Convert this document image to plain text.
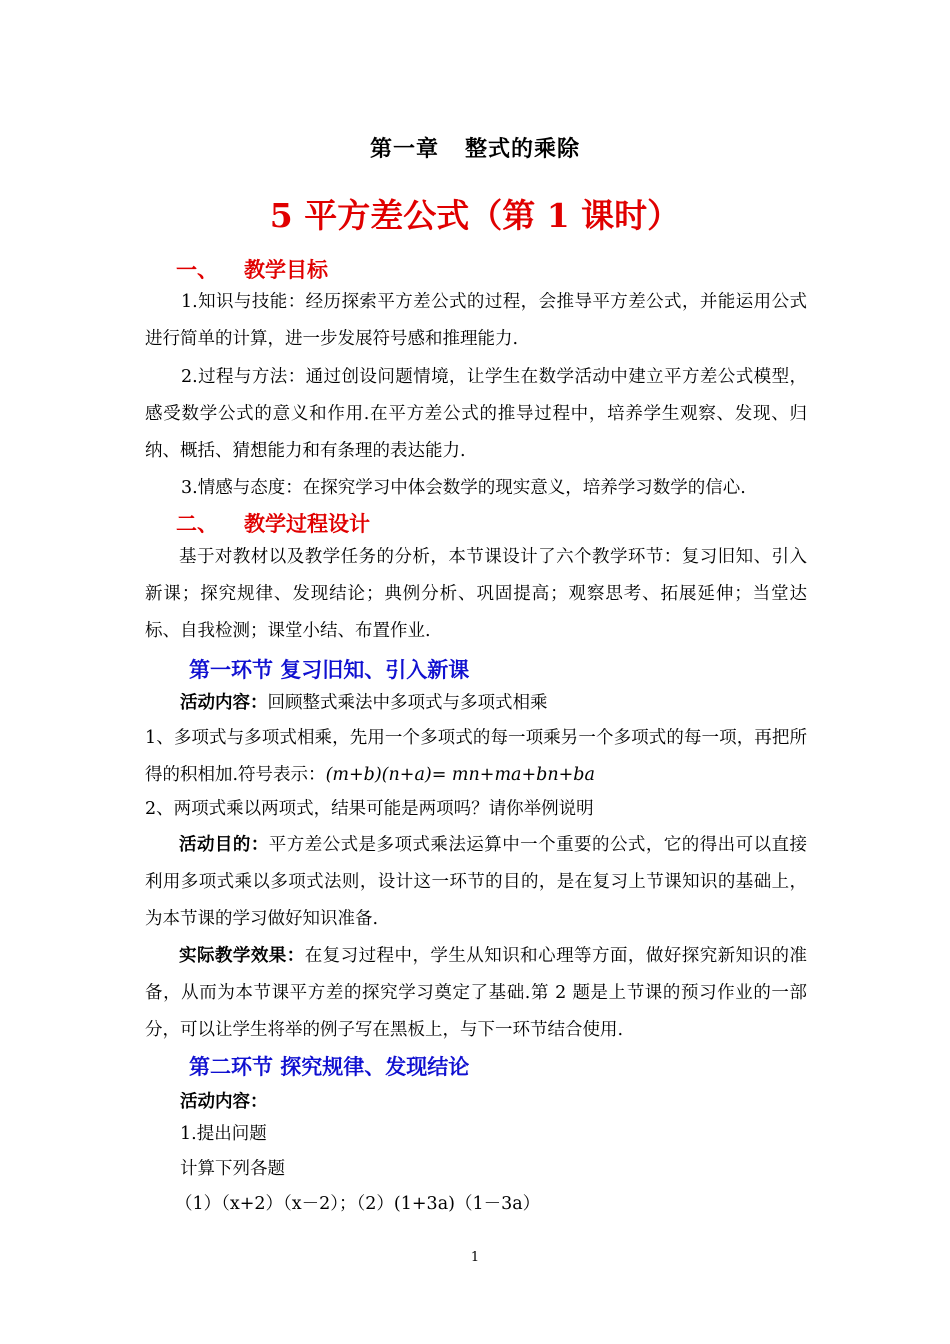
第一章 整式的乘除
5 平方差公式（第 1 课时）
一、 教学目标
1.知识与技能：经历探索平方差公式的过程，会推导平方差公式，并能运用公式进行简单的计算，进一步发展符号感和推理能力.
2.过程与方法：通过创设问题情境，让学生在数学活动中建立平方差公式模型，感受数学公式的意义和作用.在平方差公式的推导过程中，培养学生观察、发现、归纳、概括、猜想能力和有条理的表达能力.
3.情感与态度：在探究学习中体会数学的现实意义，培养学习数学的信心.
二、 教学过程设计
基于对教材以及教学任务的分析，本节课设计了六个教学环节：复习旧知、引入新课；探究规律、发现结论；典例分析、巩固提高；观察思考、拓展延伸；当堂达标、自我检测；课堂小结、布置作业.
第一环节 复习旧知、引入新课
活动内容：回顾整式乘法中多项式与多项式相乘
1、多项式与多项式相乘，先用一个多项式的每一项乘另一个多项式的每一项，再把所得的积相加.符号表示：(m+b)(n+a)= mn+ma+bn+ba
2、两项式乘以两项式，结果可能是两项吗？请你举例说明
活动目的：平方差公式是多项式乘法运算中一个重要的公式，它的得出可以直接利用多项式乘以多项式法则，设计这一环节的目的，是在复习上节课知识的基础上，为本节课的学习做好知识准备.
实际教学效果：在复习过程中，学生从知识和心理等方面，做好探究新知识的准备，从而为本节课平方差的探究学习奠定了基础.第 2 题是上节课的预习作业的一部分，可以让学生将举的例子写在黑板上，与下一环节结合使用.
第二环节 探究规律、发现结论
活动内容：
1.提出问题
计算下列各题
（1）（x+2）（x－2）；（2）(1+3a)（1－3a）
1
